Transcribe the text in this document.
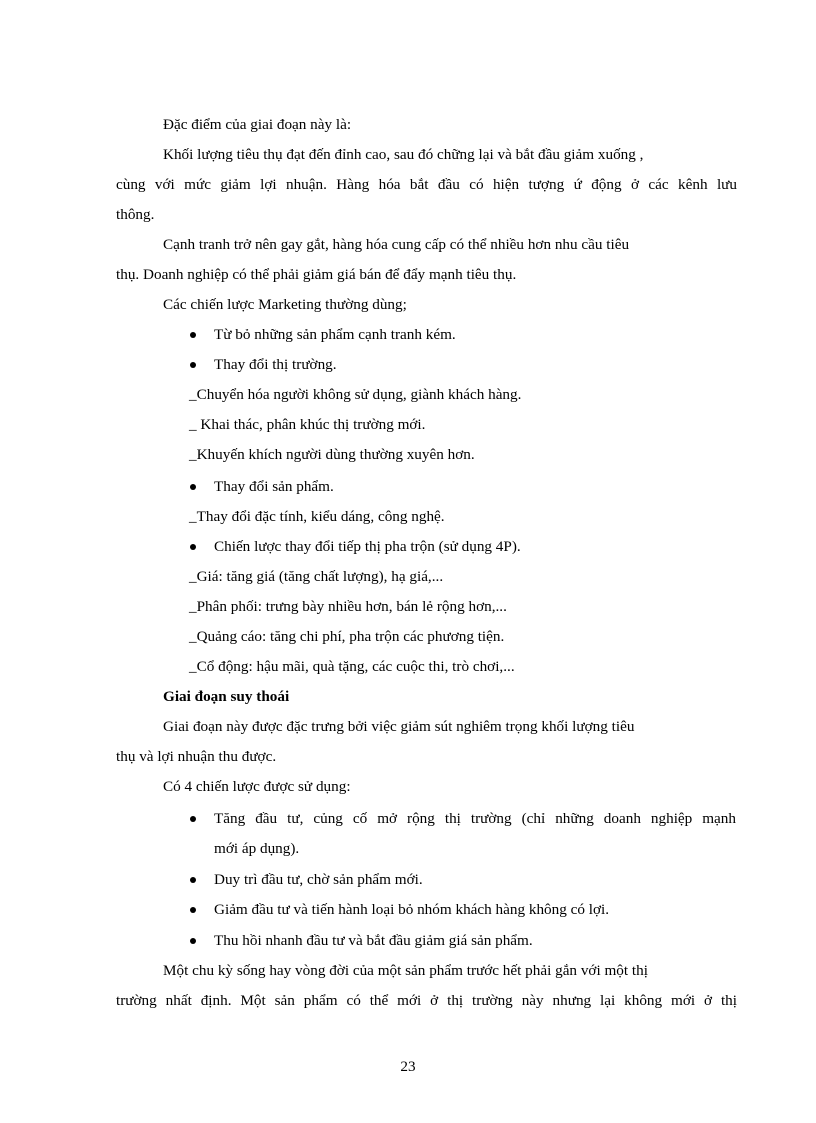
Đặc điểm của giai đoạn này là:
Khối lượng tiêu thụ đạt đến đỉnh cao, sau đó chững lại và bắt đầu giảm xuống ,
cùng với mức giảm lợi nhuận. Hàng hóa bắt đầu có hiện tượng ứ động ở các kênh lưu
thông.
Cạnh tranh trở nên gay gắt, hàng hóa cung cấp có thể nhiều hơn nhu cầu tiêu
thụ. Doanh nghiệp có thể phải giảm giá bán để đẩy mạnh tiêu thụ.
Các chiến lược Marketing thường dùng;
Từ bỏ những sản phẩm cạnh tranh kém.
Thay đổi thị trường.
_Chuyển hóa người không sử dụng, giành khách hàng.
_ Khai thác, phân khúc thị trường mới.
_Khuyến khích người dùng thường xuyên hơn.
Thay đổi sản phẩm.
_Thay đổi đặc tính, kiểu dáng, công nghệ.
Chiến lược thay đổi tiếp thị pha trộn (sử dụng 4P).
_Giá: tăng giá (tăng chất lượng), hạ giá,...
_Phân phối: trưng bày nhiều hơn, bán lẻ rộng hơn,...
_Quảng cáo: tăng chi phí, pha trộn các phương tiện.
_Cổ động: hậu mãi, quà tặng, các cuộc thi, trò chơi,...
Giai đoạn suy thoái
Giai đoạn này được đặc trưng bởi việc giảm sút nghiêm trọng khối lượng tiêu
thụ và lợi nhuận thu được.
Có 4 chiến lược được sử dụng:
Tăng đầu tư, củng cố mở rộng thị trường (chỉ những doanh nghiệp mạnh
mới áp dụng).
Duy trì đầu tư, chờ sản phẩm mới.
Giảm đầu tư và tiến hành loại bỏ nhóm khách hàng không có lợi.
Thu hồi nhanh đầu tư và bắt đầu giảm giá sản phẩm.
Một chu kỳ sống hay vòng đời của một sản phẩm trước hết phải gắn với một thị
trường nhất định. Một sản phẩm có thể mới ở thị trường này nhưng lại không mới ở thị
23
